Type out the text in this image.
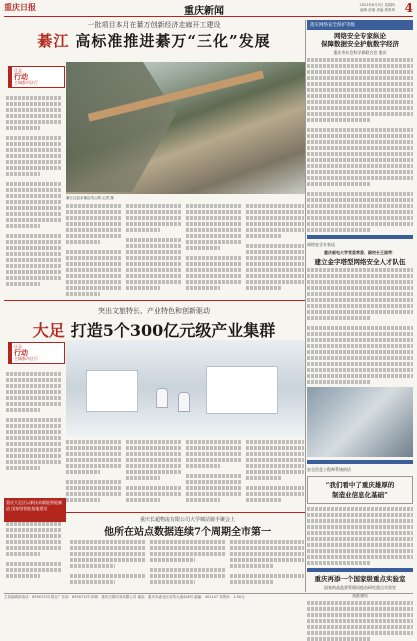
重庆日报	重庆新闻
2023年8月3日 星期四
编辑 彭瑜 美编 黄景琦 4
一批项目本月在綦万创新经济走廊开工建设
綦江 高标准推进綦万“三化”发展
区县
行动
主城都市区行
綦江区赶水镇沿线公路 记者 摄
突出文旅特长、产业特色和创新驱动
大足 打造5个300亿元级产业集群
区县
行动
主城都市区行
重庆大足区以新技术赋能智能制造 国家级智能基地建设
重庆长超物流有限公司大学城站骑手聚会上
他所在站点数据连续7个周期全市第一
落实网络安全保护等级
网络安全专家纵论
保障数据安全护航数字经济
重庆市社会科学界联合会 重庆
网络安全专家谈
重庆邮电大学党委常委、副校长王国荣：
建立金字塔型网络安全人才队伍
安全信息工程师系统的话
“我们看中了重庆雄厚的
制造业信息化基础”
重庆再添一个国家级重点实验室
国家药品监督管理局疫苗研究重点实验室
获批建设
主管编辑部电话：63907233 报社广告部：63907133 印刷：重庆日报印务有限公司 地址：重庆市渝北区同茂大道416号 邮编：401147 零售价：1.50元
